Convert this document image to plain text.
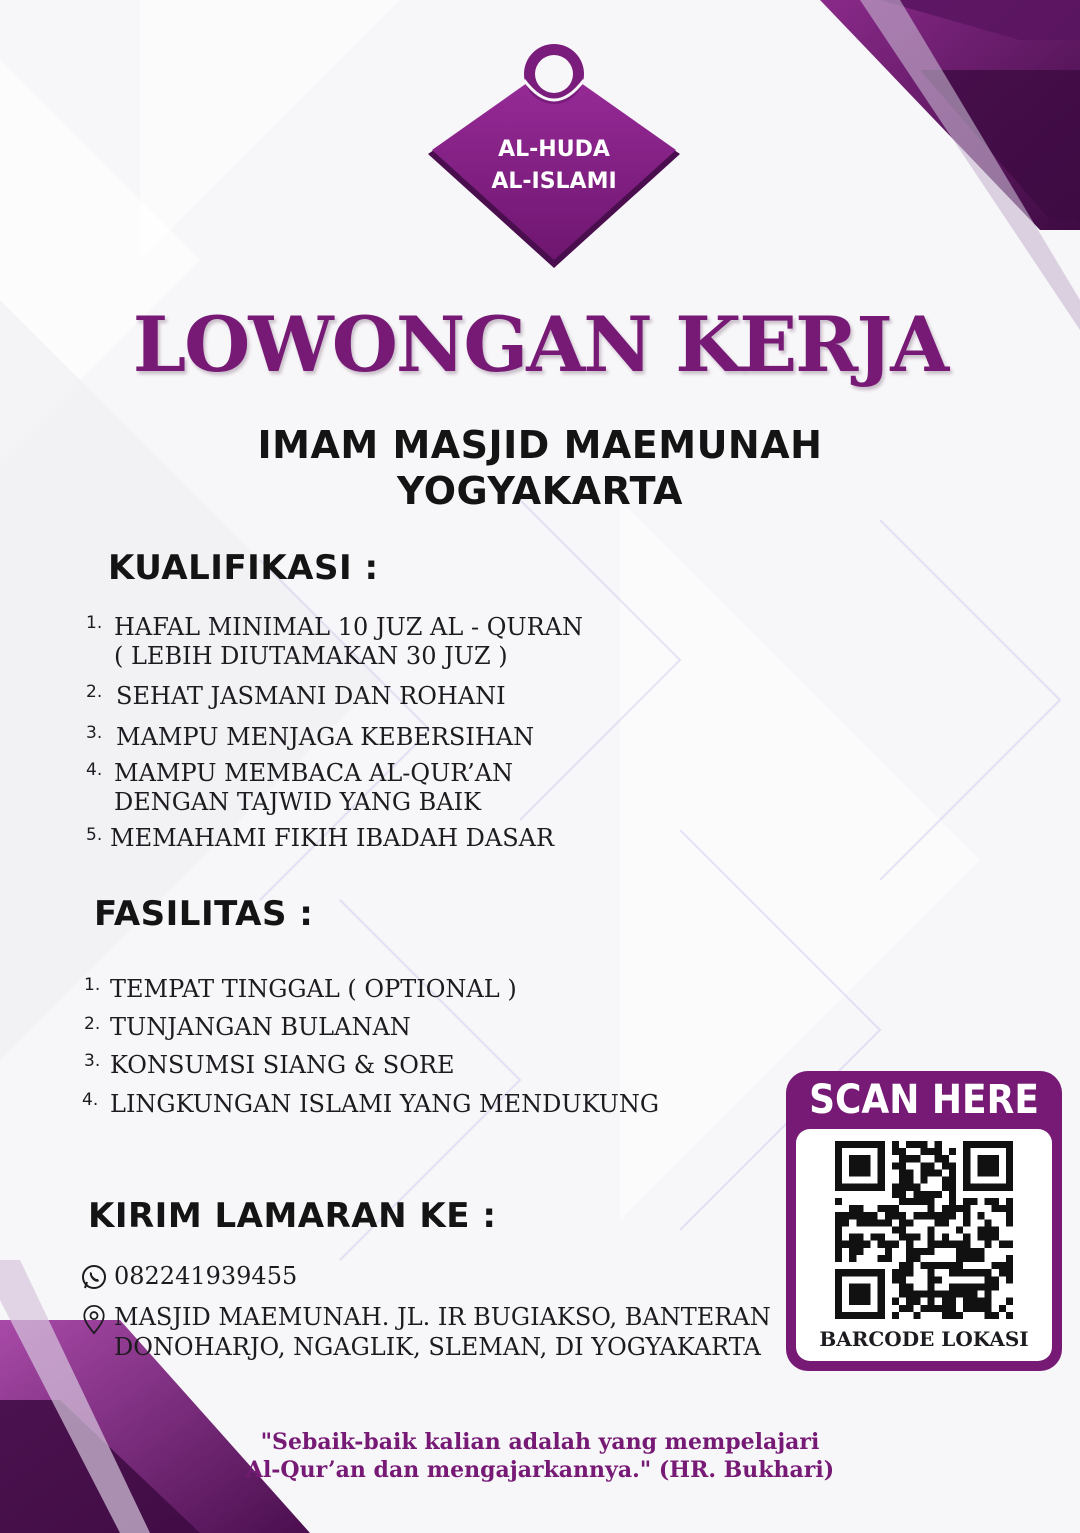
AL-HUDA
AL-ISLAMI
LOWONGAN KERJA
IMAM MASJID MAEMUNAH
YOGYAKARTA
KUALIFIKASI :
1. HAFAL MINIMAL 10 JUZ AL - QURAN
( LEBIH DIUTAMAKAN 30 JUZ )
2. SEHAT JASMANI DAN ROHANI
3. MAMPU MENJAGA KEBERSIHAN
4. MAMPU MEMBACA AL-QUR’AN
DENGAN TAJWID YANG BAIK
5. MEMAHAMI FIKIH IBADAH DASAR
FASILITAS :
1. TEMPAT TINGGAL ( OPTIONAL )
2. TUNJANGAN BULANAN
3. KONSUMSI SIANG & SORE
4. LINGKUNGAN ISLAMI YANG MENDUKUNG
KIRIM LAMARAN KE :
082241939455
MASJID MAEMUNAH. JL. IR BUGIAKSO, BANTERAN
DONOHARJO, NGAGLIK, SLEMAN, DI YOGYAKARTA
SCAN HERE
BARCODE LOKASI
"Sebaik-baik kalian adalah yang mempelajari
Al-Qur’an dan mengajarkannya." (HR. Bukhari)
